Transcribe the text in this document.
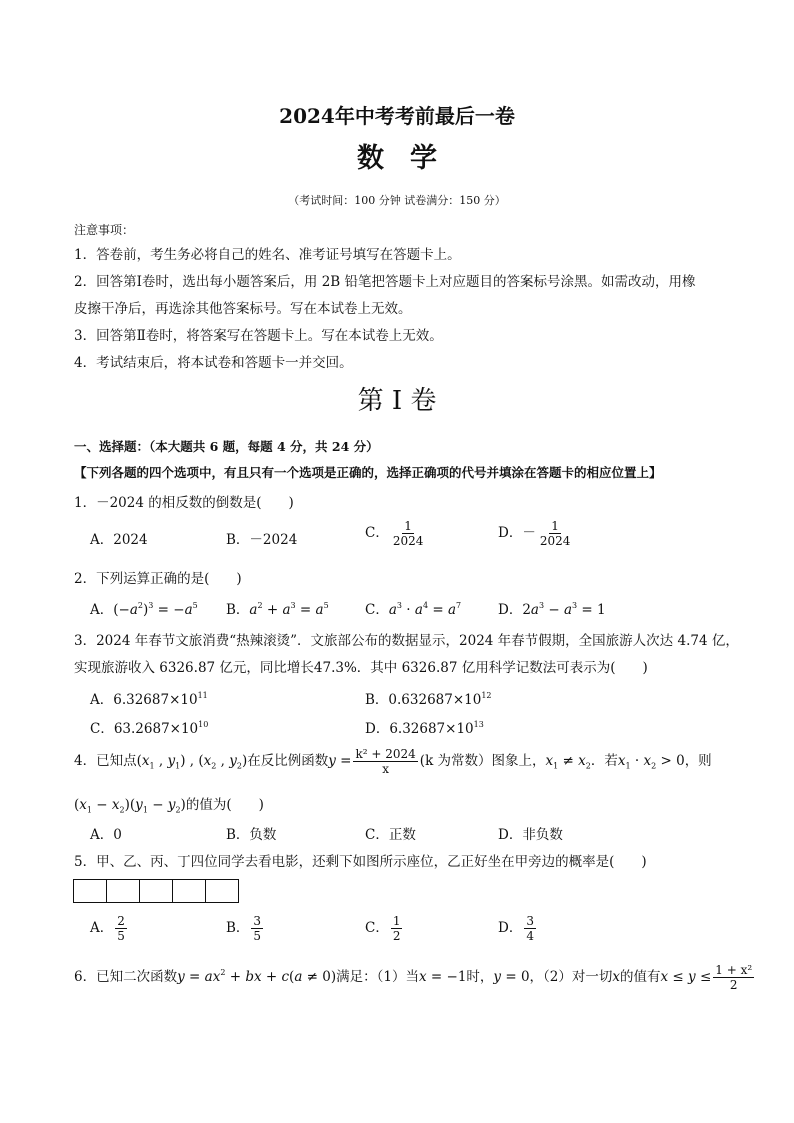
2024年中考考前最后一卷
数学
（考试时间：100 分钟 试卷满分：150 分）
注意事项：
1．答卷前，考生务必将自己的姓名、准考证号填写在答题卡上。
2．回答第Ⅰ卷时，选出每小题答案后，用 2B 铅笔把答题卡上对应题目的答案标号涂黑。如需改动，用橡
皮擦干净后，再选涂其他答案标号。写在本试卷上无效。
3．回答第Ⅱ卷时，将答案写在答题卡上。写在本试卷上无效。
4．考试结束后，将本试卷和答题卡一并交回。
第 I 卷
一、选择题：（本大题共 6 题，每题 4 分，共 24 分）
【下列各题的四个选项中，有且只有一个选项是正确的，选择正确项的代号并填涂在答题卡的相应位置上】
1．－2024 的相反数的倒数是(　　)
A．2024	B．－2024	C． $\frac{1}{2024}$	D．－ $\frac{1}{2024}$
2．下列运算正确的是(　　)
A．$(-a^2)^3 = -a^5$ B．$a^2 + a^3 = a^5$	C．$a^3 \cdot a^4 = a^7$	D．$2a^3 - a^3 = 1$
3．2024 年春节文旅消费“热辣滚烫”．文旅部公布的数据显示，2024 年春节假期，全国旅游人次达 4.74 亿，
实现旅游收入 6326.87 亿元，同比增长47.3%．其中 6326.87 亿用科学记数法可表示为(　　)
A．$6.32687\times 10^{11}$	B．$0.632687\times 10^{12}$
C．$63.2687\times 10^{10}$	D．$6.32687\times 10^{13}$
4．已知点($x_1$ , $y_1$) , ($x_2$ , $y_2$)在反比例函数$y = \frac{\text{k² + 2024}}{x} (k$ 为常数）图象上，$x_1 \ne x_2$．若$x_1 \cdot x_2 > 0$，则
$(x_1 - x_2)(y_1 - y_2)$的值为(　　)
A．0	B．负数	C．正数	D．非负数
5．甲、乙、丙、丁四位同学去看电影，还剩下如图所示座位，乙正好坐在甲旁边的概率是(　　)
A． $\frac{2}{5}$	B． $\frac{3}{5}$	C． $\frac{1}{2}$	D． $\frac{3}{4}$
6．已知二次函数$y = ax^2$ + bx + c(a ≠ 0)满足：（1）当x = −1时，y = 0，（2）对一切x的值有$x \le y \le \frac{\text{1 + x²}}{2}$
